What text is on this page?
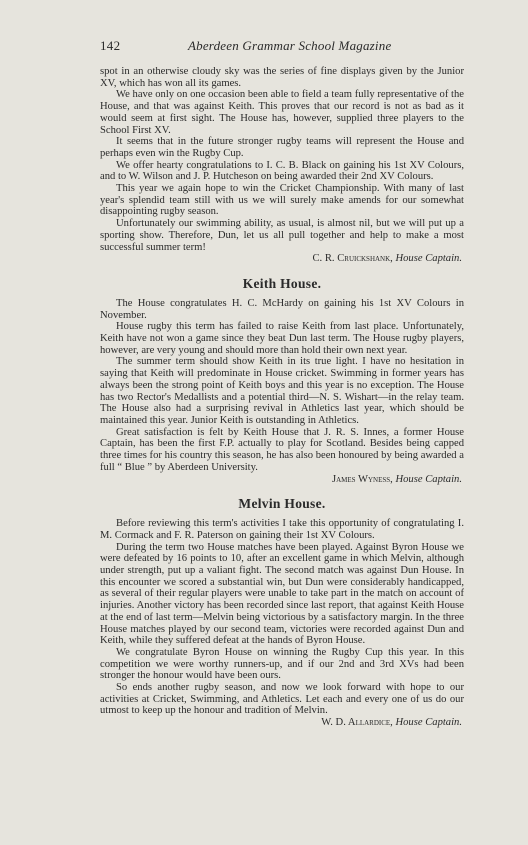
142	Aberdeen Grammar School Magazine

spot in an otherwise cloudy sky was the series of fine displays given by the Junior XV, which has won all its games.

We have only on one occasion been able to field a team fully representative of the House, and that was against Keith. This proves that our record is not as bad as it would seem at first sight. The House has, however, supplied three players to the School First XV.

It seems that in the future stronger rugby teams will represent the House and perhaps even win the Rugby Cup.

We offer hearty congratulations to I. C. B. Black on gaining his 1st XV Colours, and to W. Wilson and J. P. Hutcheson on being awarded their 2nd XV Colours.

This year we again hope to win the Cricket Championship. With many of last year's splendid team still with us we will surely make amends for our somewhat disappointing rugby season.

Unfortunately our swimming ability, as usual, is almost nil, but we will put up a sporting show. Therefore, Dun, let us all pull together and help to make a most successful summer term!

C. R. Cruickshank, House Captain.
Keith House.

The House congratulates H. C. McHardy on gaining his 1st XV Colours in November.

House rugby this term has failed to raise Keith from last place. Unfortunately, Keith have not won a game since they beat Dun last term. The House rugby players, however, are very young and should more than hold their own next year.

The summer term should show Keith in its true light. I have no hesitation in saying that Keith will predominate in House cricket. Swimming in former years has always been the strong point of Keith boys and this year is no exception. The House has two Rector's Medallists and a potential third—N. S. Wishart—in the relay team. The House also had a surprising revival in Athletics last year, which should be maintained this year. Junior Keith is outstanding in Athletics.

Great satisfaction is felt by Keith House that J. R. S. Innes, a former House Captain, has been the first F.P. actually to play for Scotland. Besides being capped three times for his country this season, he has also been honoured by being awarded a full “ Blue ” by Aberdeen University.

James Wyness, House Captain.
Melvin House.

Before reviewing this term's activities I take this opportunity of congratulating I. M. Cormack and F. R. Paterson on gaining their 1st XV Colours.

During the term two House matches have been played. Against Byron House we were defeated by 16 points to 10, after an excellent game in which Melvin, although under strength, put up a valiant fight. The second match was against Dun House. In this encounter we scored a substantial win, but Dun were considerably handicapped, as several of their regular players were unable to take part in the match on account of injuries. Another victory has been recorded since last report, that against Keith House at the end of last term—Melvin being victorious by a satisfactory margin. In the three House matches played by our second team, victories were recorded against Dun and Keith, while they suffered defeat at the hands of Byron House.

We congratulate Byron House on winning the Rugby Cup this year. In this competition we were worthy runners-up, and if our 2nd and 3rd XVs had been stronger the honour would have been ours.

So ends another rugby season, and now we look forward with hope to our activities at Cricket, Swimming, and Athletics. Let each and every one of us do our utmost to keep up the honour and tradition of Melvin.

W. D. Allardice, House Captain.
